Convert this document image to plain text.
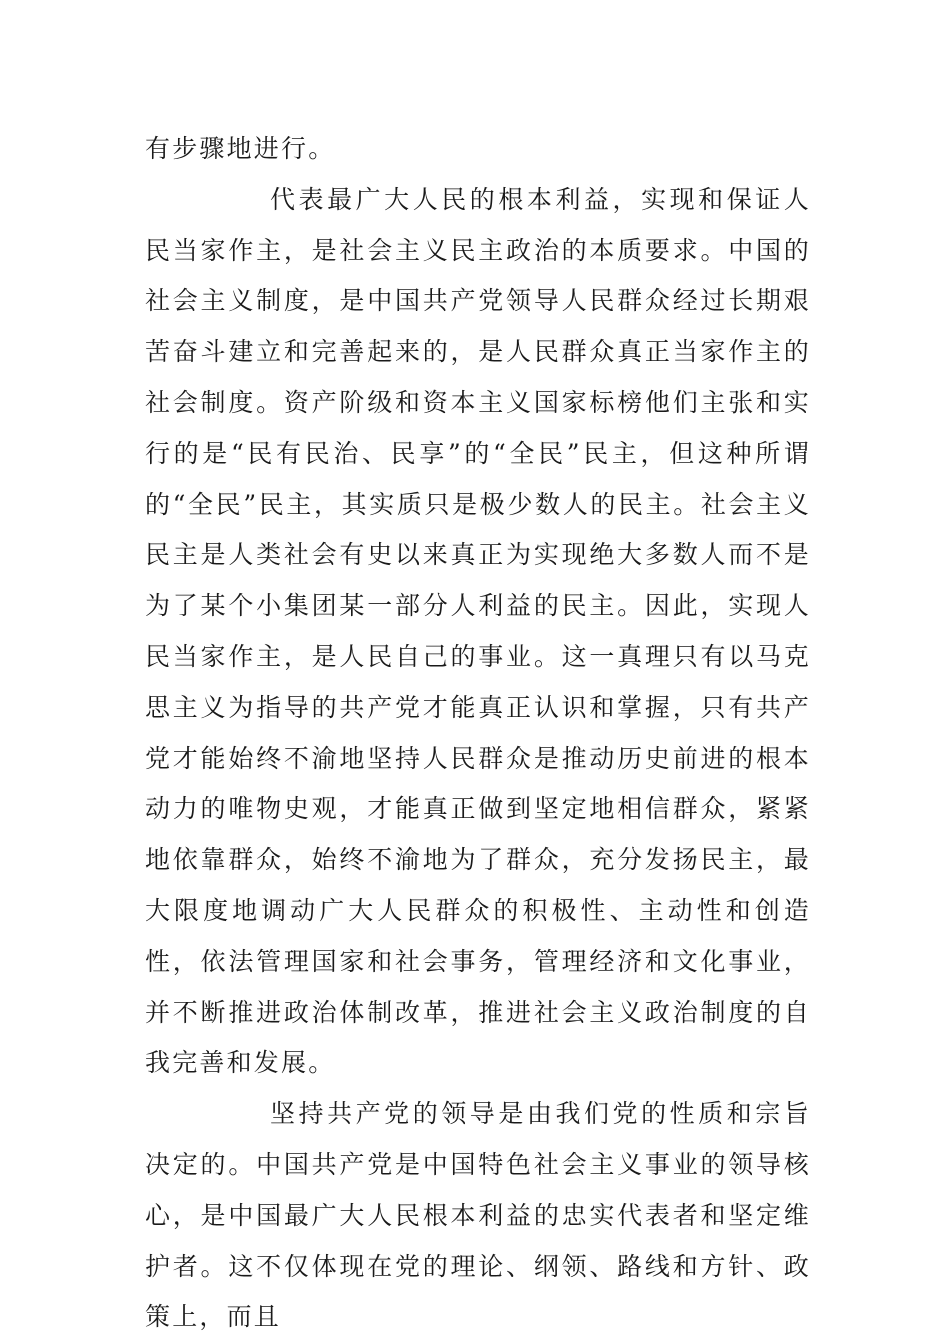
有步骤地进行。

代表最广大人民的根本利益，实现和保证人民当家作主，是社会主义民主政治的本质要求。中国的社会主义制度，是中国共产党领导人民群众经过长期艰苦奋斗建立和完善起来的，是人民群众真正当家作主的社会制度。资产阶级和资本主义国家标榜他们主张和实行的是“民有民治、民享”的“全民”民主，但这种所谓的“全民”民主，其实质只是极少数人的民主。社会主义民主是人类社会有史以来真正为实现绝大多数人而不是为了某个小集团某一部分人利益的民主。因此，实现人民当家作主，是人民自己的事业。这一真理只有以马克思主义为指导的共产党才能真正认识和掌握，只有共产党才能始终不渝地坚持人民群众是推动历史前进的根本动力的唯物史观，才能真正做到坚定地相信群众，紧紧地依靠群众，始终不渝地为了群众，充分发扬民主，最大限度地调动广大人民群众的积极性、主动性和创造性，依法管理国家和社会事务，管理经济和文化事业，并不断推进政治体制改革，推进社会主义政治制度的自我完善和发展。

坚持共产党的领导是由我们党的性质和宗旨决定的。中国共产党是中国特色社会主义事业的领导核心，是中国最广大人民根本利益的忠实代表者和坚定维护者。这不仅体现在党的理论、纲领、路线和方针、政策上，而且
